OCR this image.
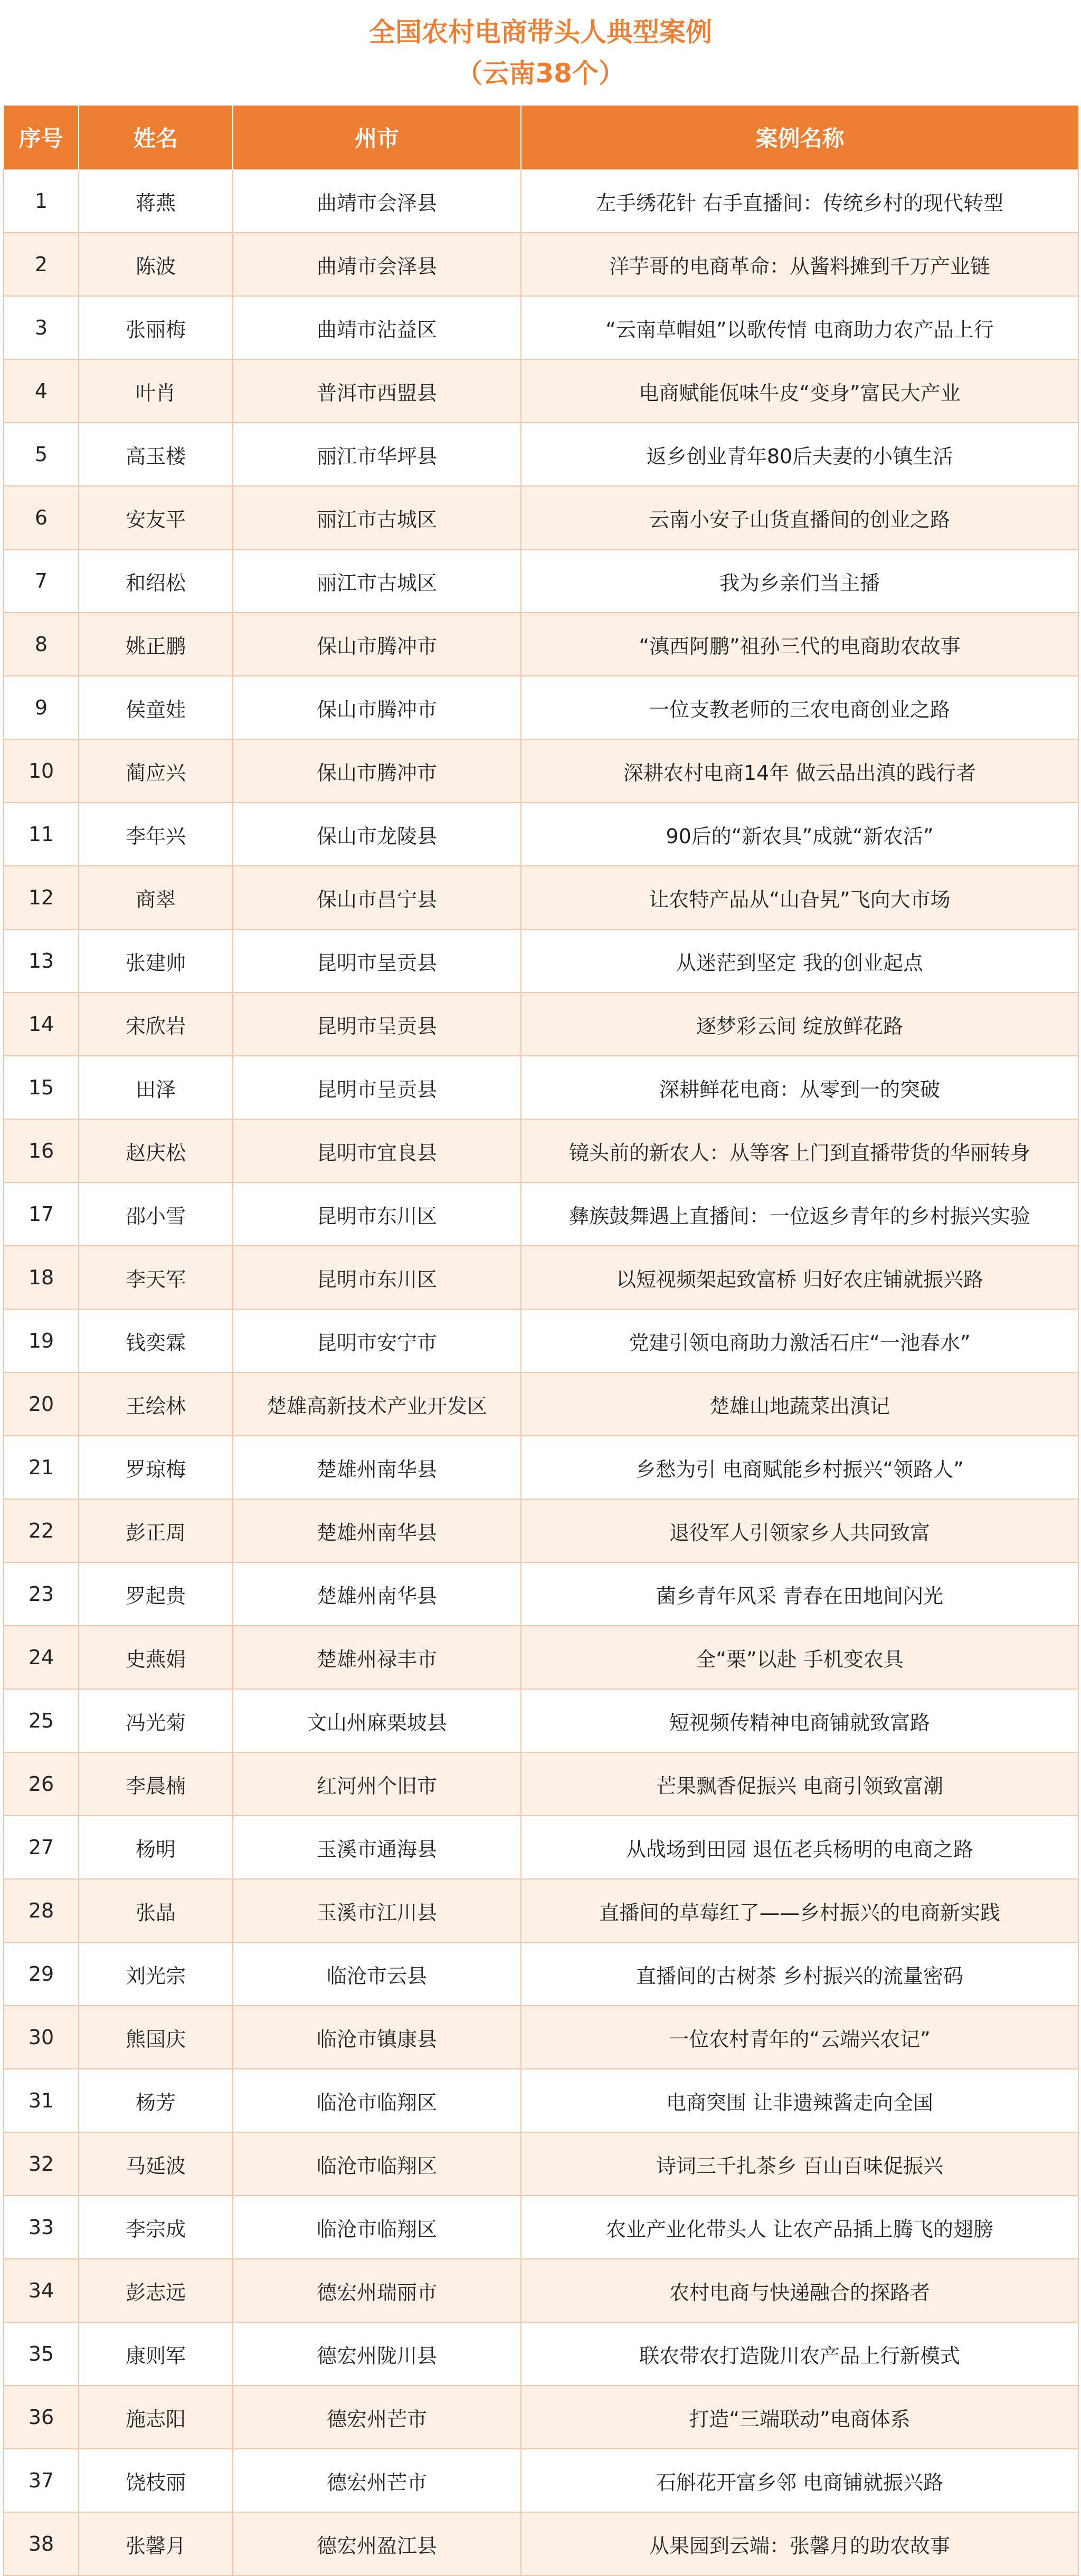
全国农村电商带头人典型案例
（云南38个）
序号	姓名	州市	案例名称
1	蒋燕	曲靖市会泽县	左手绣花针 右手直播间：传统乡村的现代转型
2	陈波	曲靖市会泽县	洋芋哥的电商革命：从酱料摊到千万产业链
3	张丽梅	曲靖市沾益区	“云南草帽姐”以歌传情 电商助力农产品上行
4	叶肖	普洱市西盟县	电商赋能佤味牛皮“变身”富民大产业
5	高玉楼	丽江市华坪县	返乡创业青年80后夫妻的小镇生活
6	安友平	丽江市古城区	云南小安子山货直播间的创业之路
7	和绍松	丽江市古城区	我为乡亲们当主播
8	姚正鹏	保山市腾冲市	“滇西阿鹏”祖孙三代的电商助农故事
9	侯童娃	保山市腾冲市	一位支教老师的三农电商创业之路
10	蔺应兴	保山市腾冲市	深耕农村电商14年 做云品出滇的践行者
11	李年兴	保山市龙陵县	90后的“新农具”成就“新农活”
12	商翠	保山市昌宁县	让农特产品从“山旮旯”飞向大市场
13	张建帅	昆明市呈贡县	从迷茫到坚定 我的创业起点
14	宋欣岩	昆明市呈贡县	逐梦彩云间 绽放鲜花路
15	田泽	昆明市呈贡县	深耕鲜花电商：从零到一的突破
16	赵庆松	昆明市宜良县	镜头前的新农人：从等客上门到直播带货的华丽转身
17	邵小雪	昆明市东川区	彝族鼓舞遇上直播间：一位返乡青年的乡村振兴实验
18	李天军	昆明市东川区	以短视频架起致富桥 归好农庄铺就振兴路
19	钱奕霖	昆明市安宁市	党建引领电商助力激活石庄“一池春水”
20	王绘林	楚雄高新技术产业开发区	楚雄山地蔬菜出滇记
21	罗琼梅	楚雄州南华县	乡愁为引 电商赋能乡村振兴“领路人”
22	彭正周	楚雄州南华县	退役军人引领家乡人共同致富
23	罗起贵	楚雄州南华县	菌乡青年风采 青春在田地间闪光
24	史燕娟	楚雄州禄丰市	全“栗”以赴 手机变农具
25	冯光菊	文山州麻栗坡县	短视频传精神电商铺就致富路
26	李晨楠	红河州个旧市	芒果飘香促振兴 电商引领致富潮
27	杨明	玉溪市通海县	从战场到田园 退伍老兵杨明的电商之路
28	张晶	玉溪市江川县	直播间的草莓红了——乡村振兴的电商新实践
29	刘光宗	临沧市云县	直播间的古树茶 乡村振兴的流量密码
30	熊国庆	临沧市镇康县	一位农村青年的“云端兴农记”
31	杨芳	临沧市临翔区	电商突围 让非遗辣酱走向全国
32	马延波	临沧市临翔区	诗词三千扎茶乡 百山百味促振兴
33	李宗成	临沧市临翔区	农业产业化带头人 让农产品插上腾飞的翅膀
34	彭志远	德宏州瑞丽市	农村电商与快递融合的探路者
35	康则军	德宏州陇川县	联农带农打造陇川农产品上行新模式
36	施志阳	德宏州芒市	打造“三端联动”电商体系
37	饶枝丽	德宏州芒市	石斛花开富乡邻 电商铺就振兴路
38	张馨月	德宏州盈江县	从果园到云端：张馨月的助农故事
